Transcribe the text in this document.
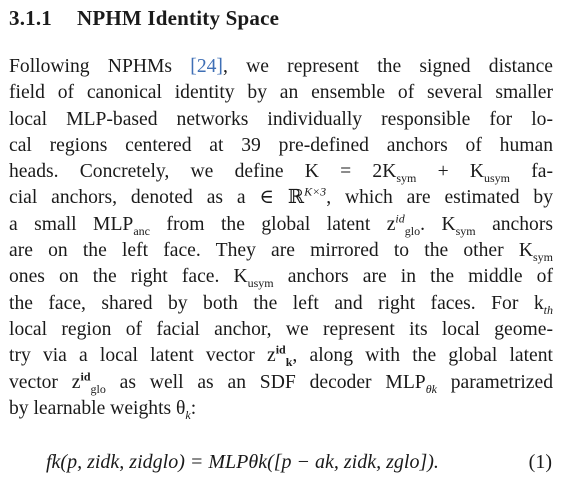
3.1.1 NPHM Identity Space
Following NPHMs [24], we represent the signed distance
field of canonical identity by an ensemble of several smaller
local MLP-based networks individually responsible for lo-
cal regions centered at 39 pre-defined anchors of human
heads. Concretely, we define $K = 2K_{sym} + K_{usym}$ fa-
cial anchors, denoted as a ∈ ℝ$^{K\times 3}$, which are estimated by
a small $MLP_{anc}$ from the global latent $z^{id}_{glo}$. $K_{sym}$ anchors
are on the left face. They are mirrored to the other $K_{sym}$
ones on the right face. $K_{usym}$ anchors are in the middle of
the face, shared by both the left and right faces. For $k_{th}$
local region of facial anchor, we represent its local geome-
try via a local latent vector $z^{id}_k$, along with the global latent
vector $z^{id}_{glo}$ as well as an SDF decoder $MLP_{\theta k}$ parametrized
by learnable weights $\theta_k$:
fk(p, zidk, zidglo) = MLPθk([p − ak, zidk, zglo]).	(1)
